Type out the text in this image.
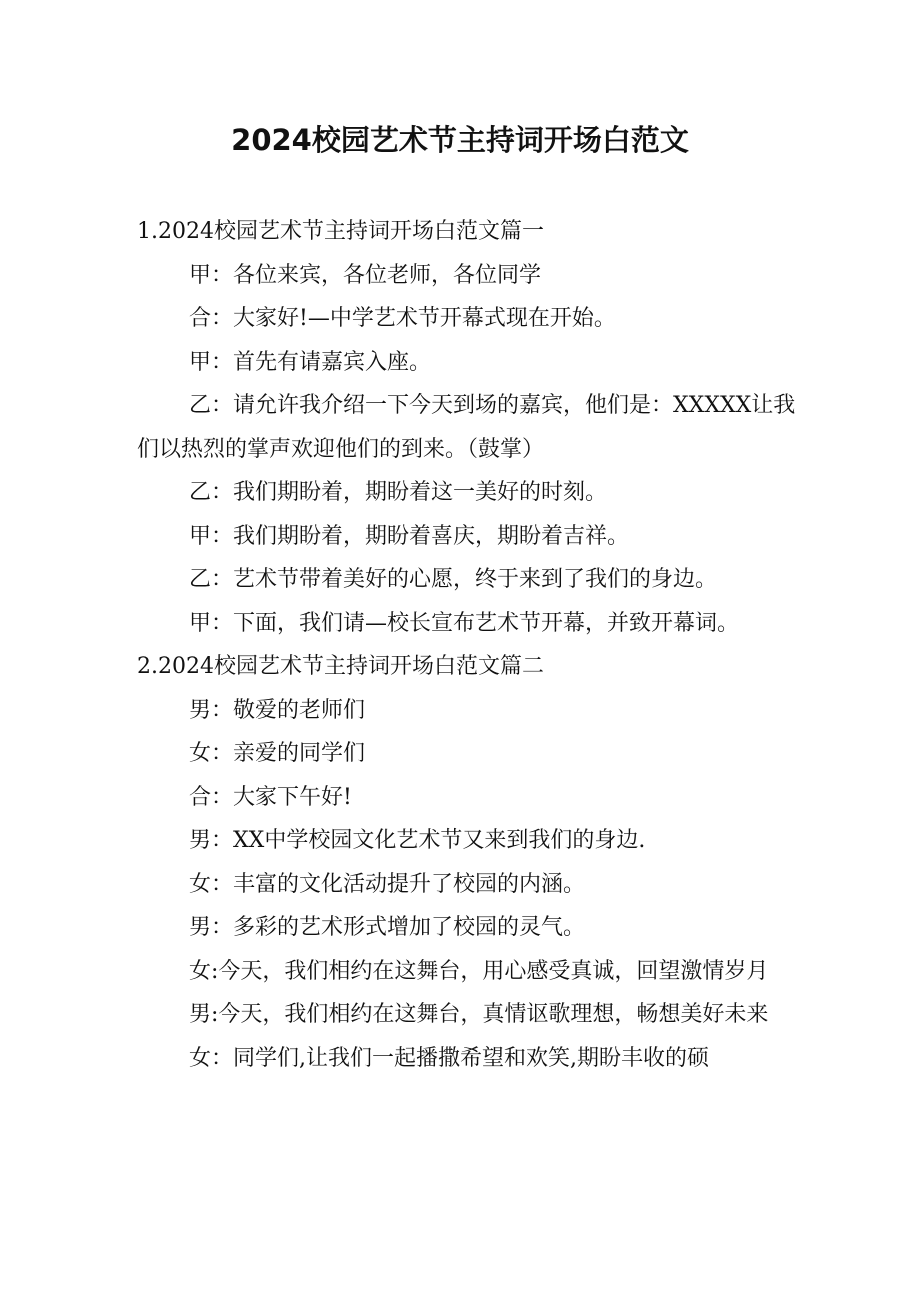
2024校园艺术节主持词开场白范文

1.2024校园艺术节主持词开场白范文篇一

甲：各位来宾，各位老师，各位同学

合：大家好!—中学艺术节开幕式现在开始。

甲：首先有请嘉宾入座。

乙：请允许我介绍一下今天到场的嘉宾，他们是：XXXXX让我们以热烈的掌声欢迎他们的到来。（鼓掌）

乙：我们期盼着，期盼着这一美好的时刻。

甲：我们期盼着，期盼着喜庆，期盼着吉祥。

乙：艺术节带着美好的心愿，终于来到了我们的身边。

甲：下面，我们请—校长宣布艺术节开幕，并致开幕词。

2.2024校园艺术节主持词开场白范文篇二

男：敬爱的老师们

女：亲爱的同学们

合：大家下午好!

男：XX中学校园文化艺术节又来到我们的身边.

女：丰富的文化活动提升了校园的内涵。

男：多彩的艺术形式增加了校园的灵气。

女:今天，我们相约在这舞台，用心感受真诚，回望激情岁月

男:今天，我们相约在这舞台，真情讴歌理想，畅想美好未来

女：同学们,让我们一起播撒希望和欢笑,期盼丰收的硕
